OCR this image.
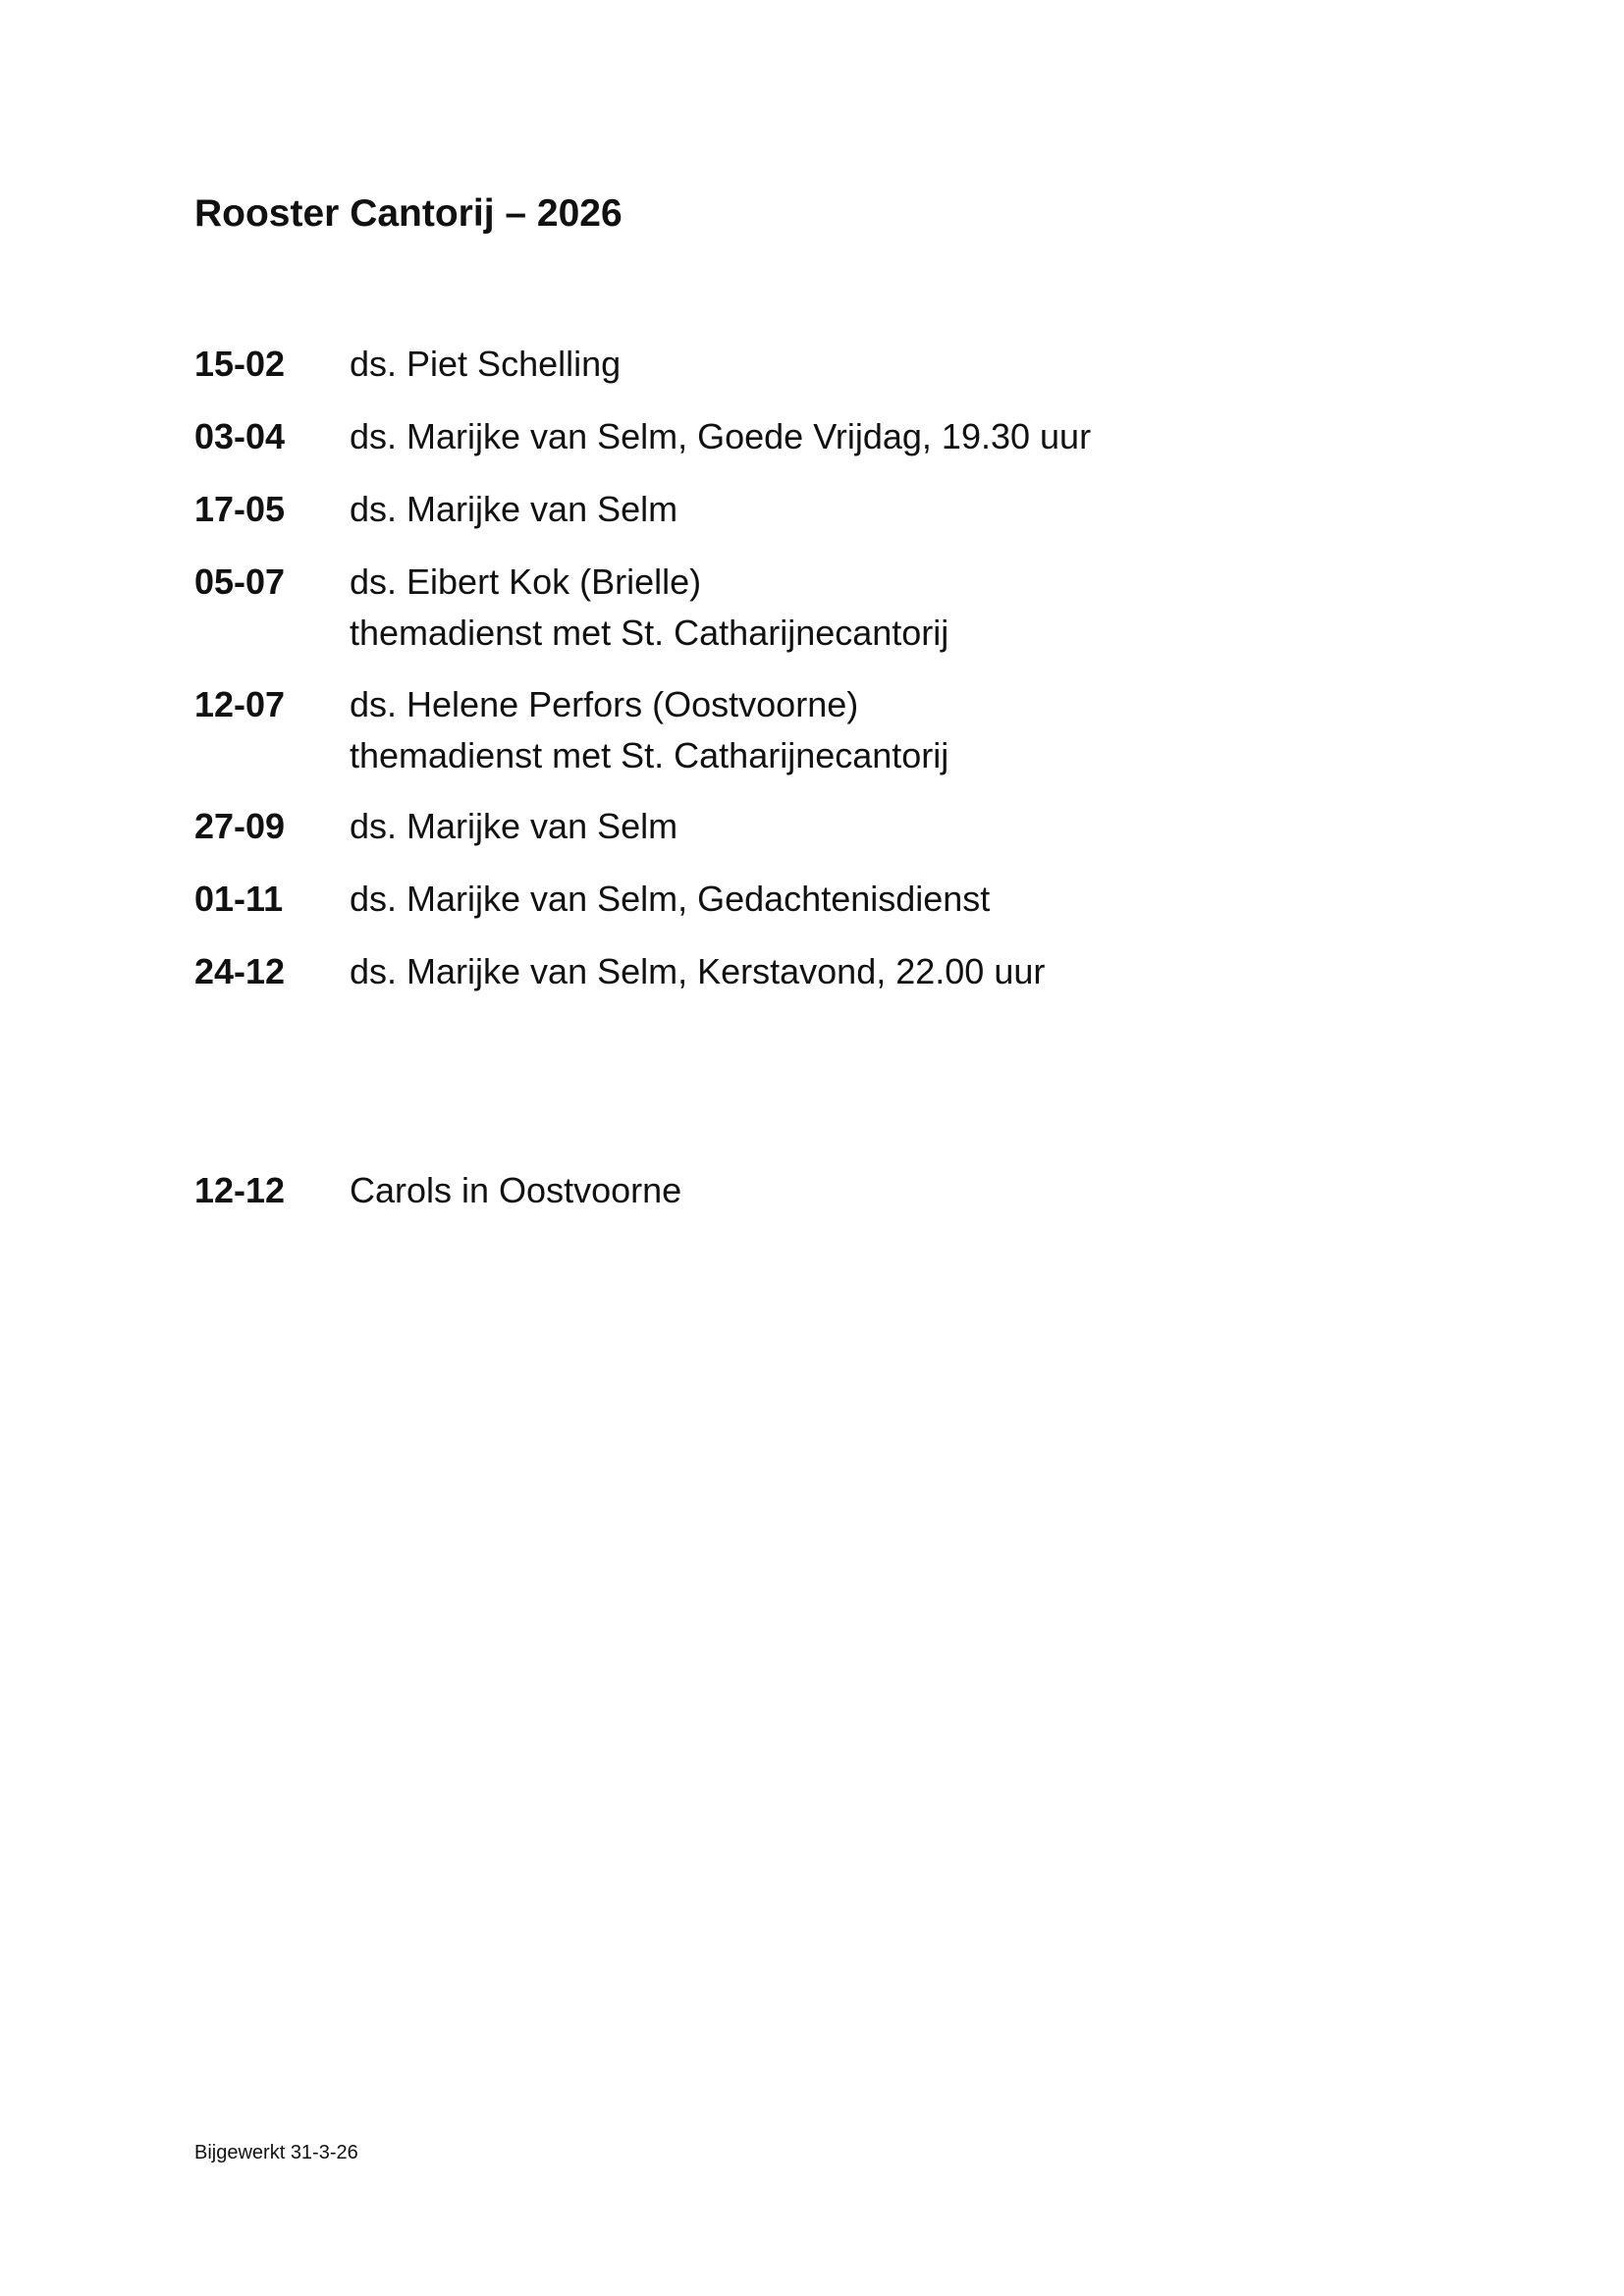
Rooster Cantorij – 2026
15-02 ds. Piet Schelling
03-04 ds. Marijke van Selm, Goede Vrijdag, 19.30 uur
17-05 ds. Marijke van Selm
05-07 ds. Eibert Kok (Brielle)
themadienst met St. Catharijnecantorij
12-07 ds. Helene Perfors (Oostvoorne)
themadienst met St. Catharijnecantorij
27-09 ds. Marijke van Selm
01-11 ds. Marijke van Selm, Gedachtenisdienst
24-12 ds. Marijke van Selm, Kerstavond, 22.00 uur
12-12 Carols in Oostvoorne
Bijgewerkt 31-3-26
